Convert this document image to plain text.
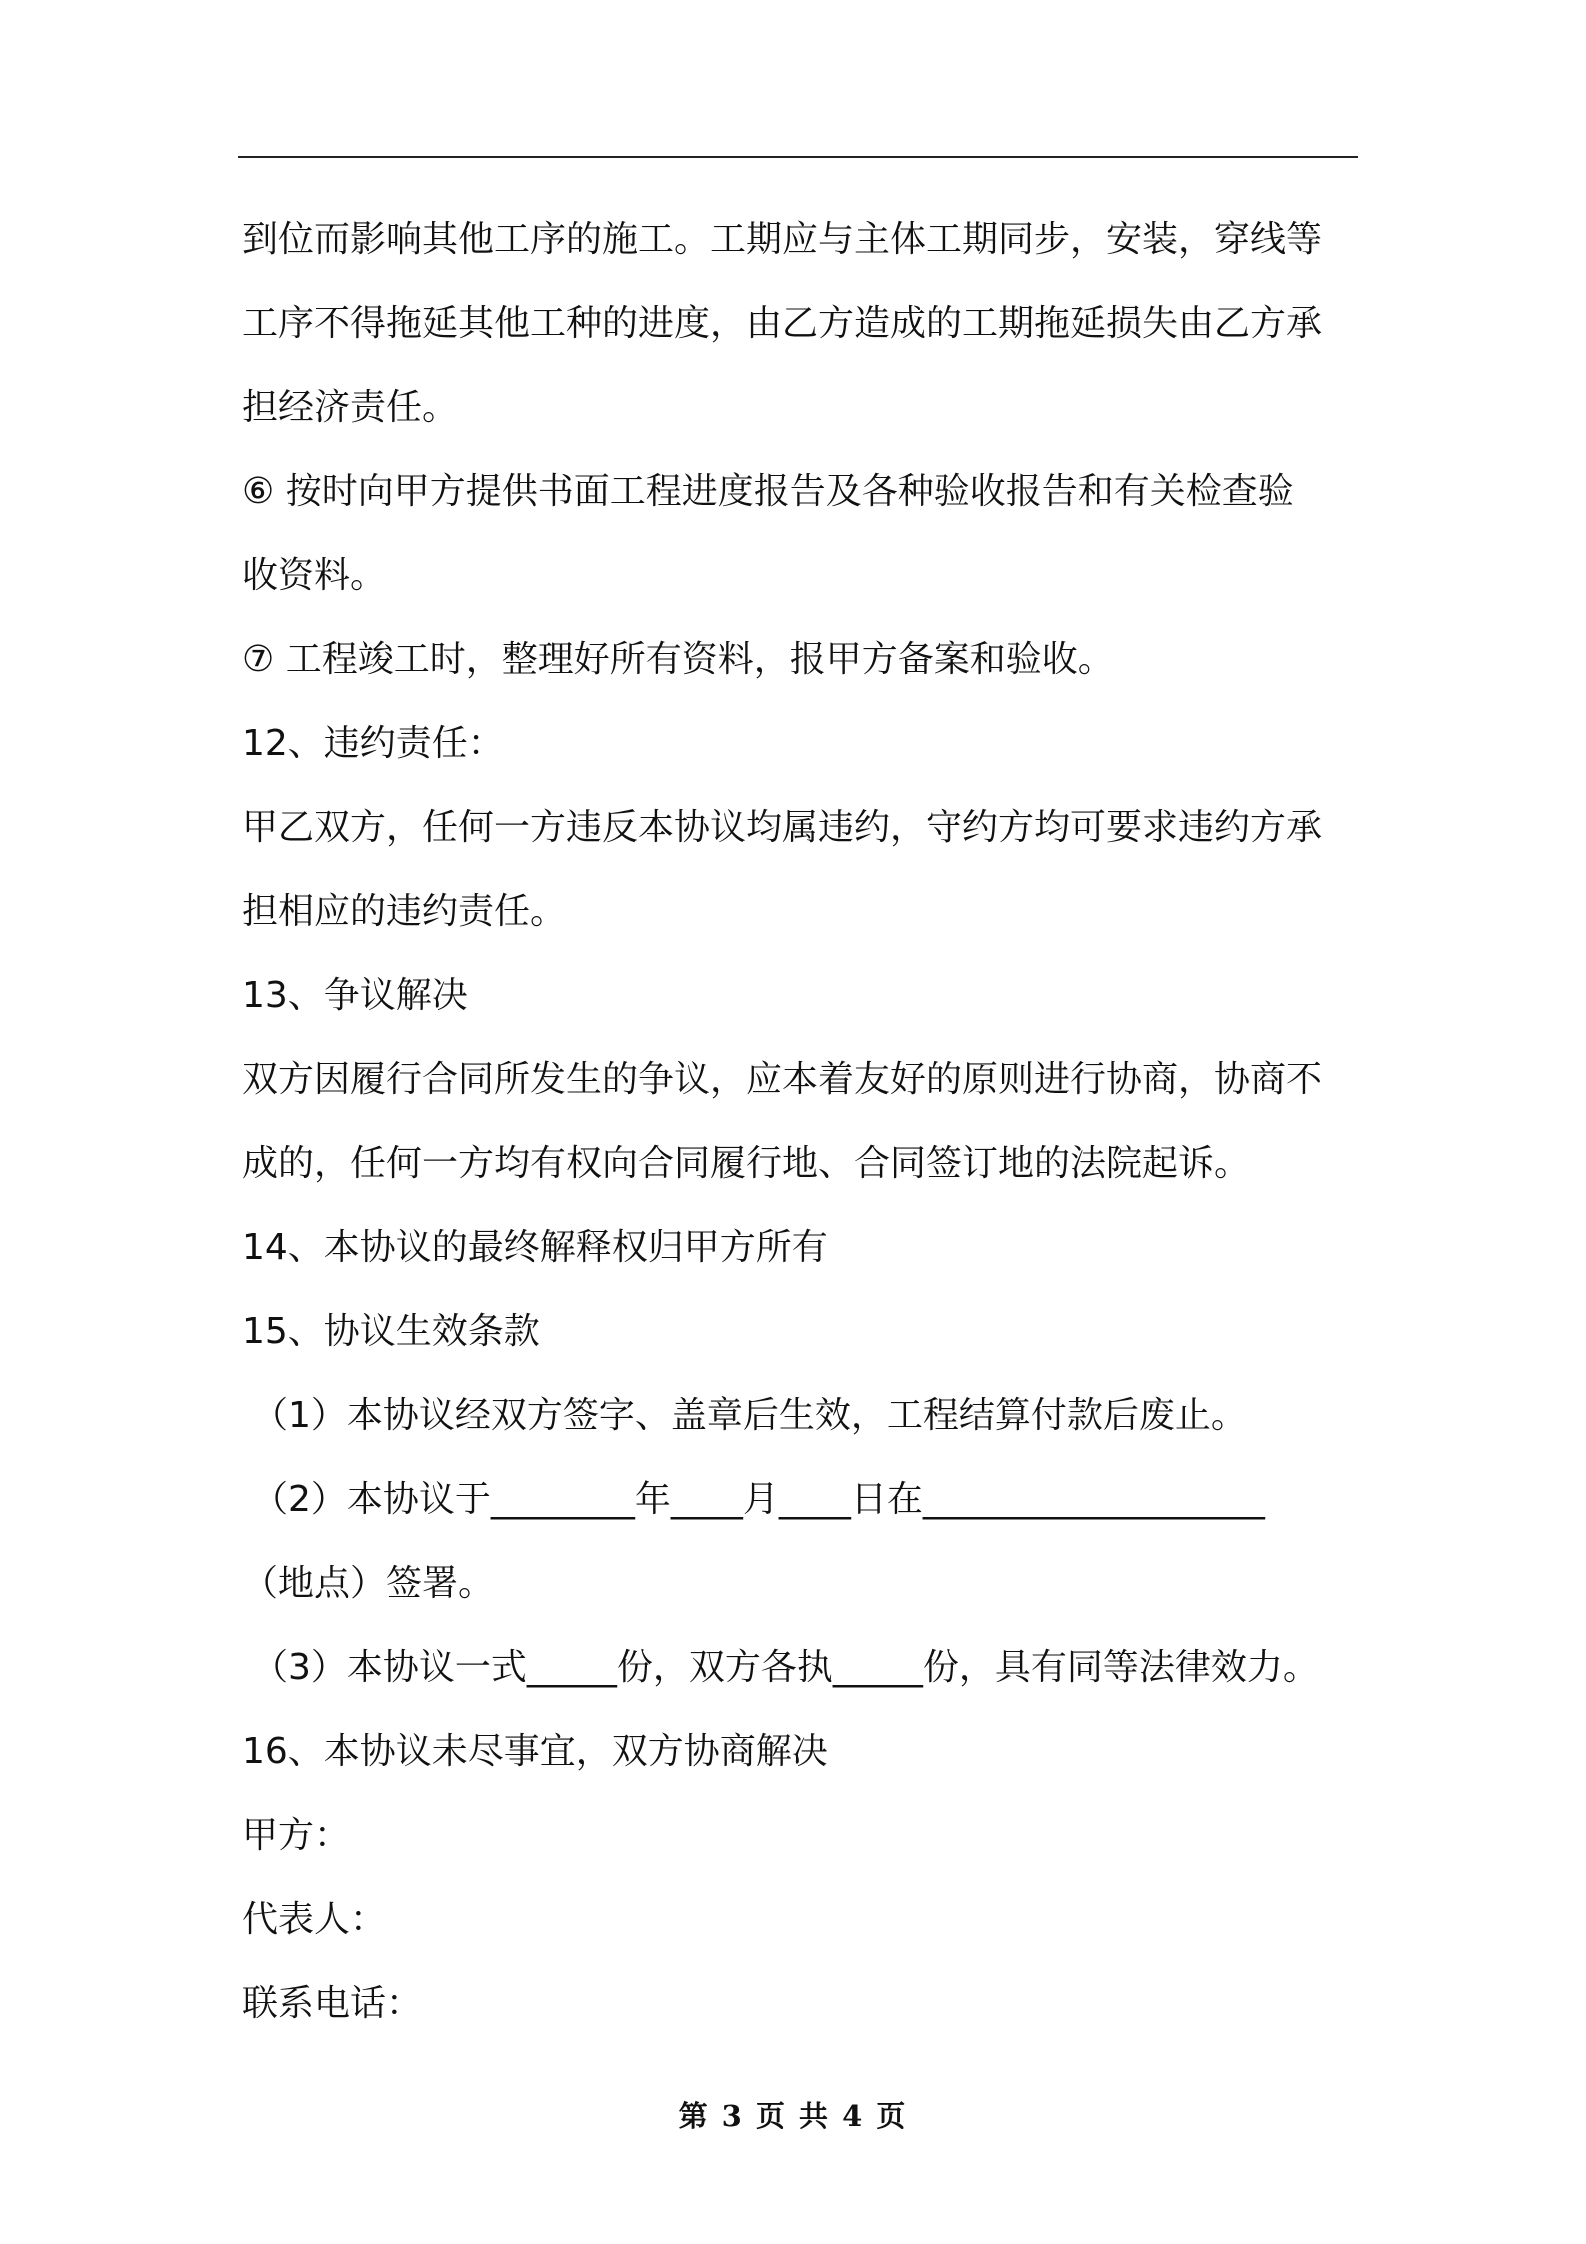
到位而影响其他工序的施工。工期应与主体工期同步，安装，穿线等
工序不得拖延其他工种的进度，由乙方造成的工期拖延损失由乙方承
担经济责任。
⑥ 按时向甲方提供书面工程进度报告及各种验收报告和有关检查验
收资料。
⑦ 工程竣工时，整理好所有资料，报甲方备案和验收。
12、违约责任：
甲乙双方，任何一方违反本协议均属违约，守约方均可要求违约方承
担相应的违约责任。
13、争议解决
双方因履行合同所发生的争议，应本着友好的原则进行协商，协商不
成的，任何一方均有权向合同履行地、合同签订地的法院起诉。
14、本协议的最终解释权归甲方所有
15、协议生效条款
（1）本协议经双方签字、盖章后生效，工程结算付款后废止。
（2）本协议于________年____月____日在___________________
（地点）签署。
（3）本协议一式_____份，双方各执_____份，具有同等法律效力。
16、本协议未尽事宜，双方协商解决
甲方：
代表人：
联系电话：
第 3 页 共 4 页
